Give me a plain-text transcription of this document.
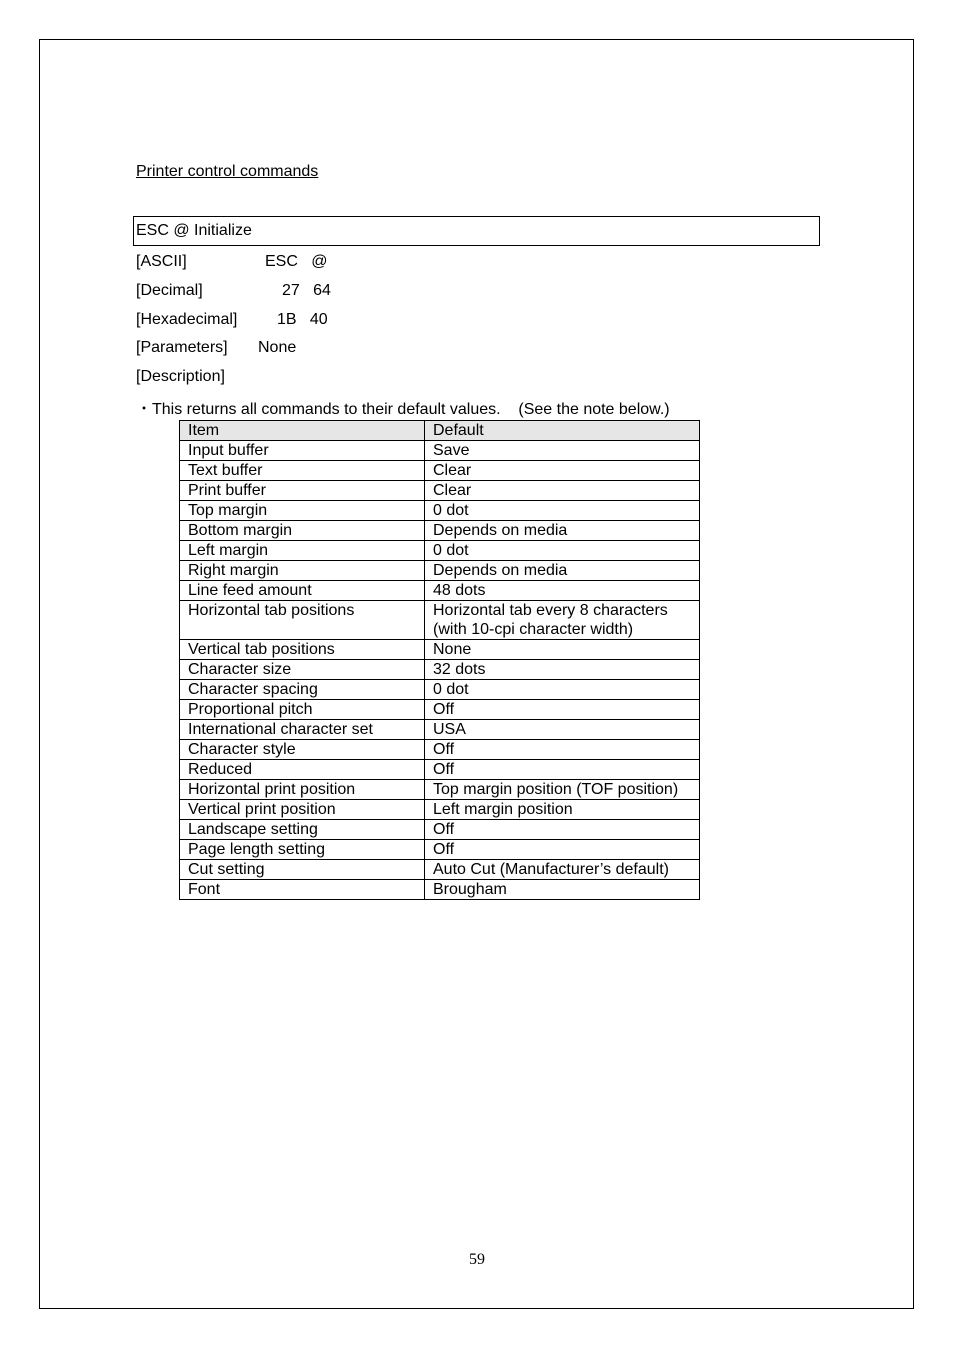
Printer control commands
ESC @ Initialize
[ASCII]	ESC   @
[Decimal]	27   64
[Hexadecimal] 1B   40
[Parameters] None
[Description]
・This returns all commands to their default values.    (See the note below.)
Item	Default
Input buffer	Save
Text buffer	Clear
Print buffer	Clear
Top margin	0 dot
Bottom margin	Depends on media
Left margin	0 dot
Right margin	Depends on media
Line feed amount	48 dots
Horizontal tab positions	Horizontal tab every 8 characters
(with 10-cpi character width)
Vertical tab positions	None
Character size	32 dots
Character spacing	0 dot
Proportional pitch	Off
International character set	USA
Character style	Off
Reduced	Off
Horizontal print position	Top margin position (TOF position)
Vertical print position	Left margin position
Landscape setting	Off
Page length setting	Off
Cut setting	Auto Cut (Manufacturer’s default)
Font	Brougham
59
